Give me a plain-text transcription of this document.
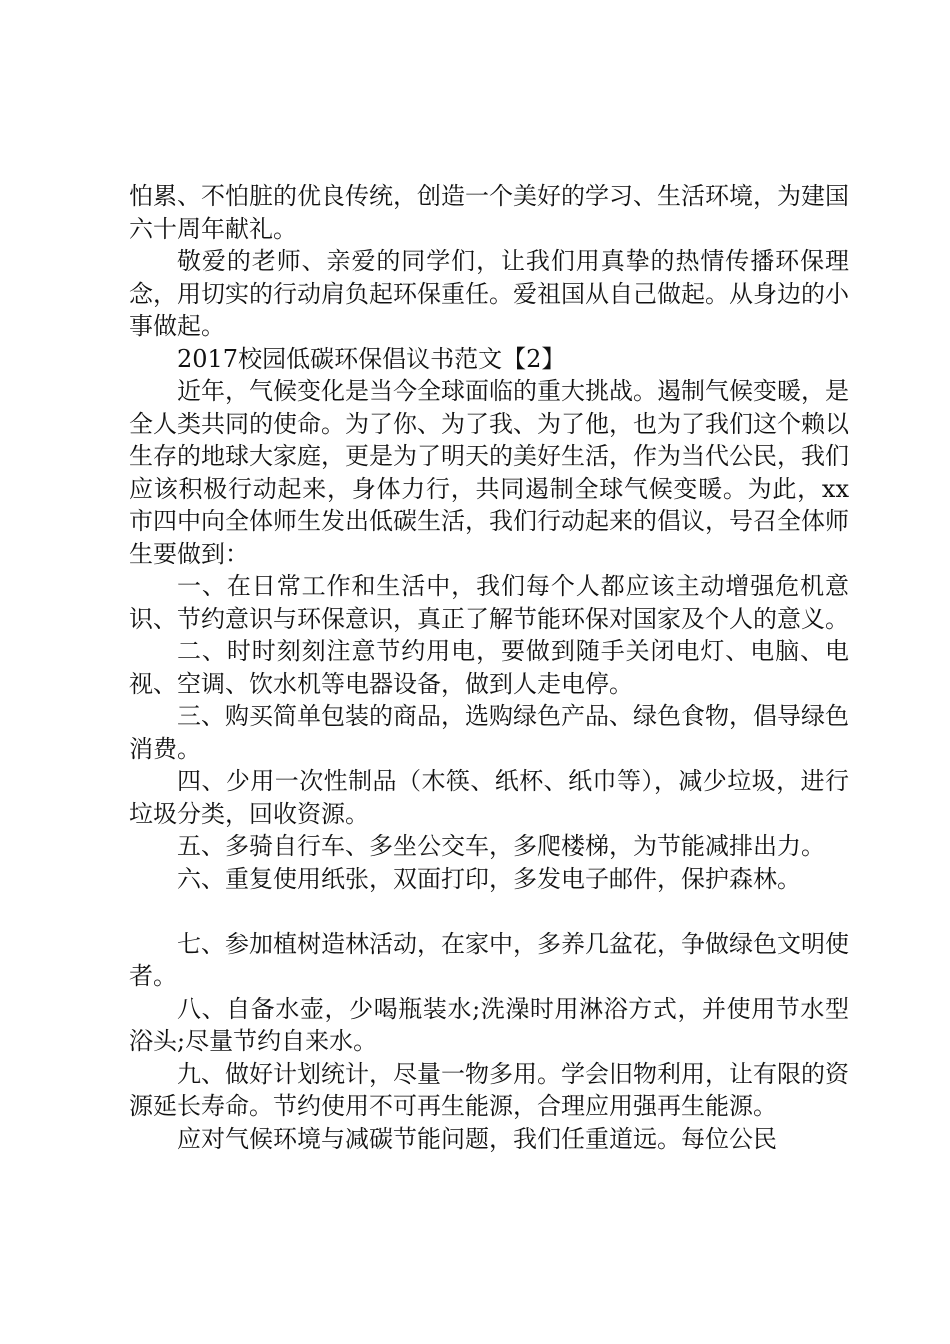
怕累、不怕脏的优良传统，创造一个美好的学习、生活环境，为建国六十周年献礼。

敬爱的老师、亲爱的同学们，让我们用真挚的热情传播环保理念，用切实的行动肩负起环保重任。爱祖国从自己做起。从身边的小事做起。

2017校园低碳环保倡议书范文【2】

近年，气候变化是当今全球面临的重大挑战。遏制气候变暖，是全人类共同的使命。为了你、为了我、为了他，也为了我们这个赖以生存的地球大家庭，更是为了明天的美好生活，作为当代公民，我们应该积极行动起来，身体力行，共同遏制全球气候变暖。为此，xx市四中向全体师生发出低碳生活，我们行动起来的倡议，号召全体师生要做到：

一、在日常工作和生活中，我们每个人都应该主动增强危机意识、节约意识与环保意识，真正了解节能环保对国家及个人的意义。

二、时时刻刻注意节约用电，要做到随手关闭电灯、电脑、电视、空调、饮水机等电器设备，做到人走电停。

三、购买简单包装的商品，选购绿色产品、绿色食物，倡导绿色消费。

四、少用一次性制品（木筷、纸杯、纸巾等），减少垃圾，进行垃圾分类，回收资源。

五、多骑自行车、多坐公交车，多爬楼梯，为节能减排出力。

六、重复使用纸张，双面打印，多发电子邮件，保护森林。

七、参加植树造林活动，在家中，多养几盆花，争做绿色文明使者。

八、自备水壶，少喝瓶装水;洗澡时用淋浴方式，并使用节水型浴头;尽量节约自来水。

九、做好计划统计，尽量一物多用。学会旧物利用，让有限的资源延长寿命。节约使用不可再生能源，合理应用强再生能源。

应对气候环境与减碳节能问题，我们任重道远。每位公民
